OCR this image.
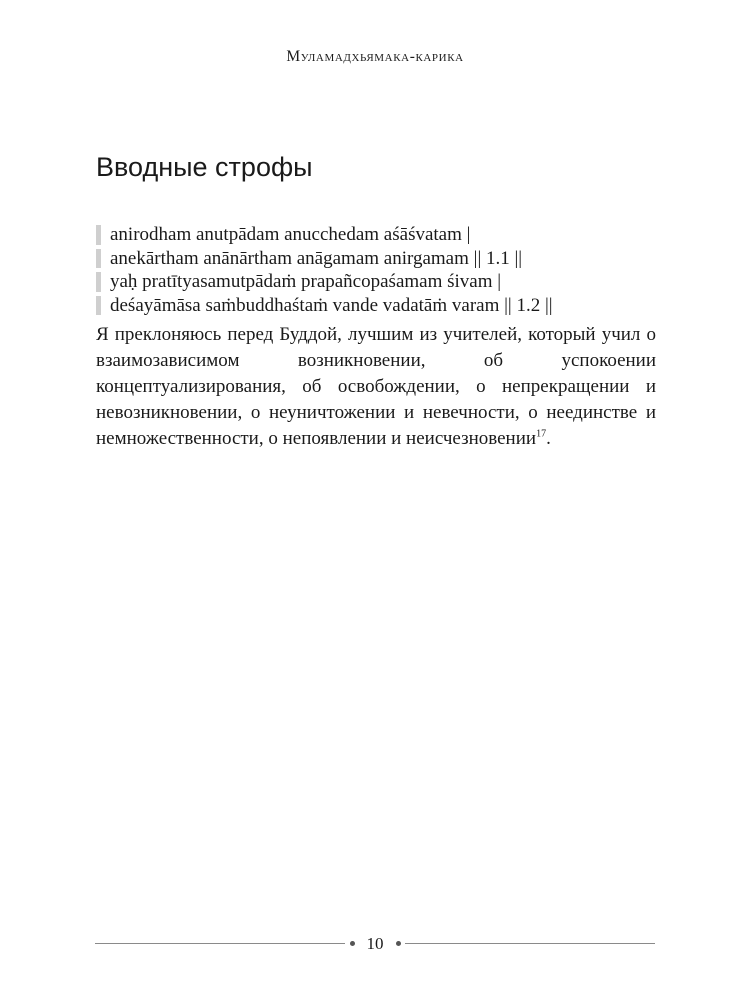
Муламадхьямака-карика
Вводные строфы
anirodham anutpādam anucchedam aśāśvatam |
anekārtham anānārtham anāgamam anirgamam || 1.1 ||
yaḥ pratītyasamutpādaṁ prapañcopaśamam śivam |
deśayāmāsa saṁbuddhaśtaṁ vande vadatāṁ varam || 1.2 ||

Я преклоняюсь перед Буддой, лучшим из учителей, который учил о взаимозависимом возникновении, об успокоении концептуализирования, об освобождении, о непрекращении и невозникновении, о неуничтожении и невечности, о неединстве и немножественности, о непоявлении и неисчезновении$^{17}$.

10
